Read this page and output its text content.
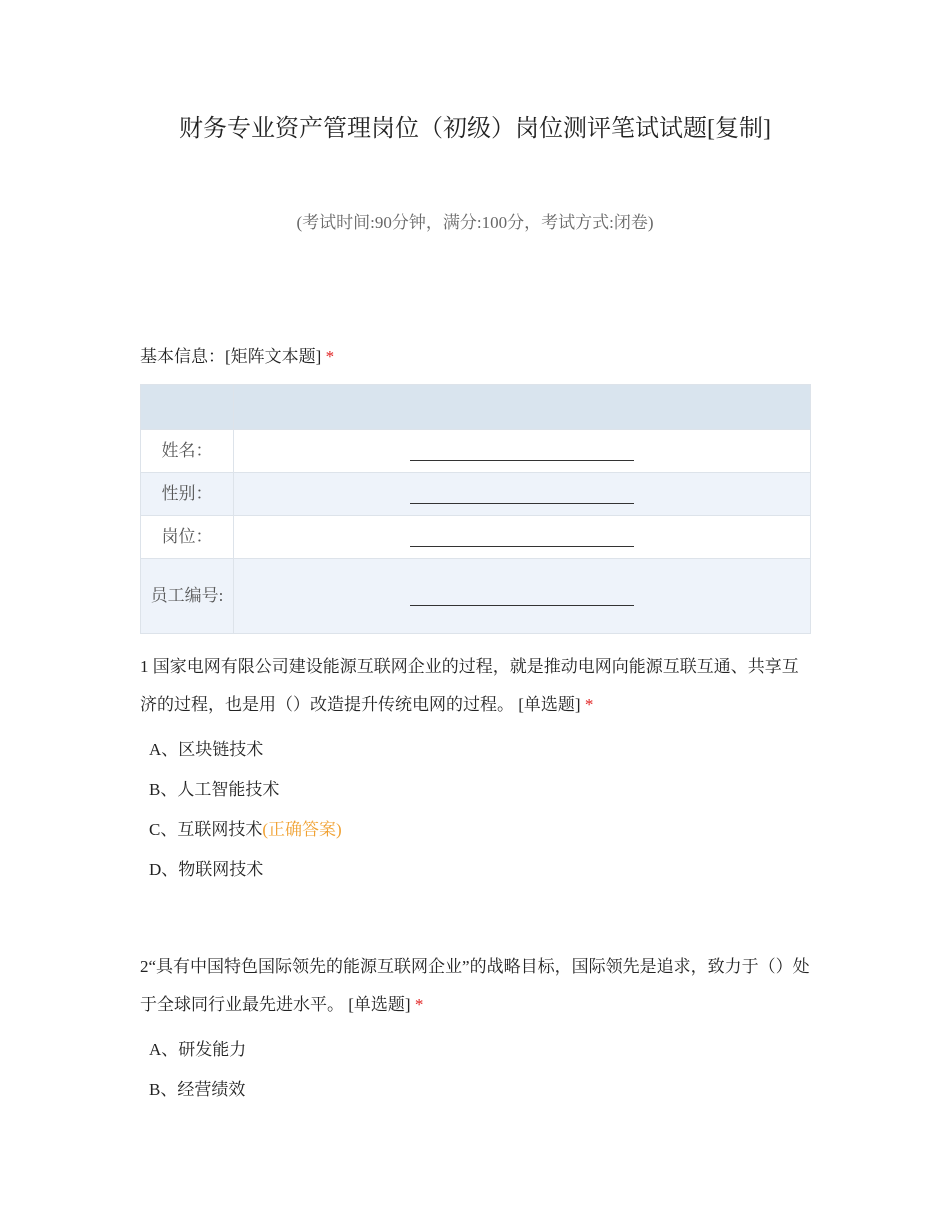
财务专业资产管理岗位（初级）岗位测评笔试试题[复制]
(考试时间:90分钟，满分:100分，考试方式:闭卷)
基本信息：[矩阵文本题] *

姓名：	

性别：	

岗位：	

员工编号:	
1 国家电网有限公司建设能源互联网企业的过程，就是推动电网向能源互联互通、共享互济的过程，也是用（）改造提升传统电网的过程。 [单选题] *
A、区块链技术
B、人工智能技术
C、互联网技术(正确答案)
D、物联网技术
2“具有中国特色国际领先的能源互联网企业”的战略目标，国际领先是追求，致力于（）处于全球同行业最先进水平。 [单选题] *
A、研发能力
B、经营绩效
